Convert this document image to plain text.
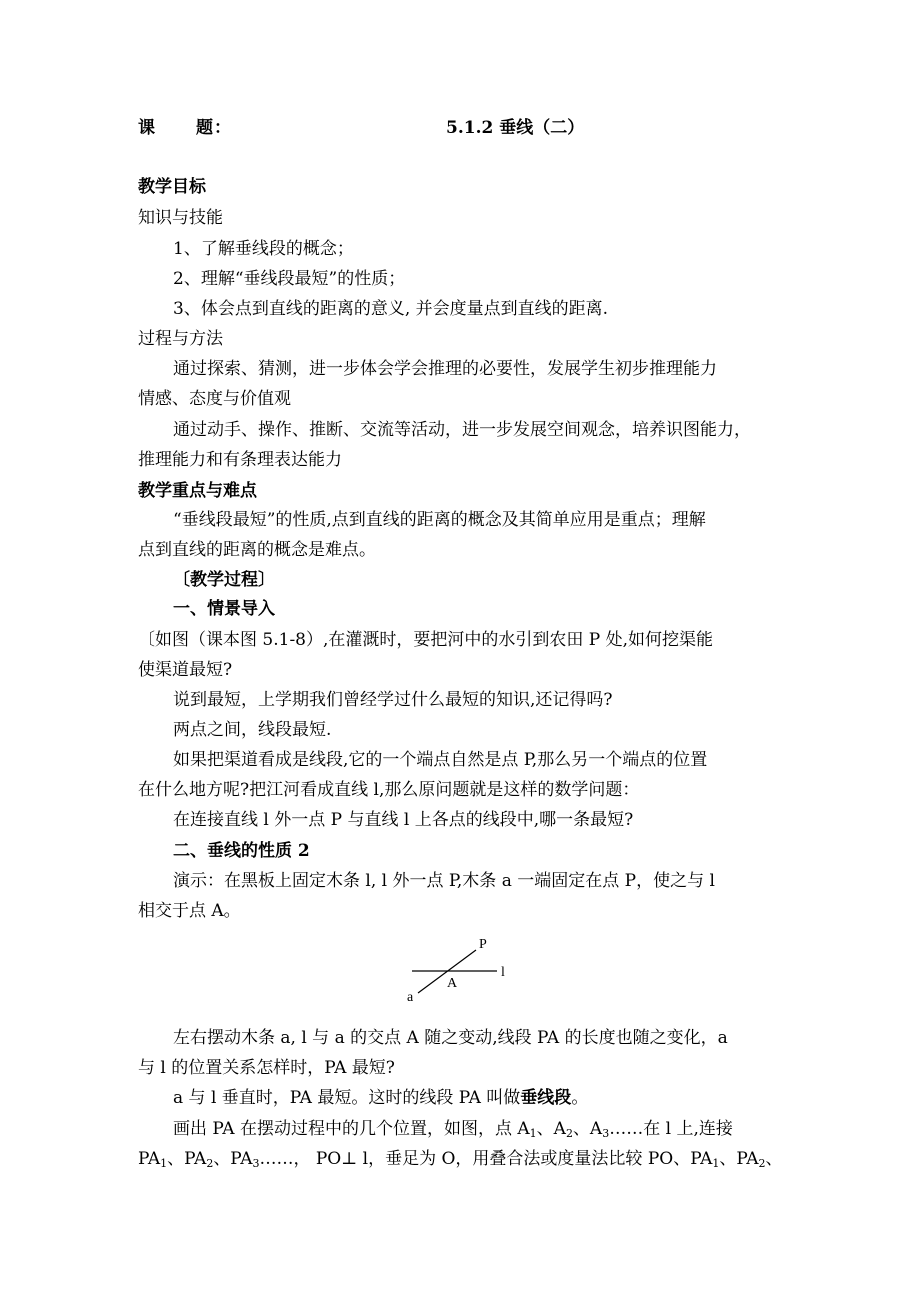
课 题：	5.1.2 垂线（二）
教学目标
知识与技能
1、了解垂线段的概念；
2、理解“垂线段最短”的性质；
3、体会点到直线的距离的意义, 并会度量点到直线的距离.
过程与方法
通过探索、猜测，进一步体会学会推理的必要性，发展学生初步推理能力
情感、态度与价值观
通过动手、操作、推断、交流等活动，进一步发展空间观念，培养识图能力，
推理能力和有条理表达能力
教学重点与难点
“垂线段最短”的性质,点到直线的距离的概念及其简单应用是重点；理解
点到直线的距离的概念是难点。
〔教学过程〕
一、情景导入
〔如图（课本图 5.1-8）,在灌溉时，要把河中的水引到农田 P 处,如何挖渠能
使渠道最短?
说到最短，上学期我们曾经学过什么最短的知识,还记得吗?
两点之间，线段最短.
如果把渠道看成是线段,它的一个端点自然是点 P,那么另一个端点的位置
在什么地方呢?把江河看成直线 l,那么原问题就是这样的数学问题：
在连接直线 l 外一点 P 与直线 l 上各点的线段中,哪一条最短?
二、垂线的性质 2
演示：在黑板上固定木条 l, l 外一点 P,木条 a 一端固定在点 P，使之与 l
相交于点 A。
P
l
A
a
左右摆动木条 a, l 与 a 的交点 A 随之变动,线段 PA 的长度也随之变化，a
与 l 的位置关系怎样时，PA 最短?
a 与 l 垂直时，PA 最短。这时的线段 PA 叫做垂线段。
画出 PA 在摆动过程中的几个位置，如图，点 $A_1$、$A_2$、$A_3\dots\dots$在 l 上,连接
$PA_1$、$PA_2$、$PA_3\dots\dots$， PO⊥ l，垂足为 O，用叠合法或度量法比较 PO、$PA_1$、$PA_2$、
